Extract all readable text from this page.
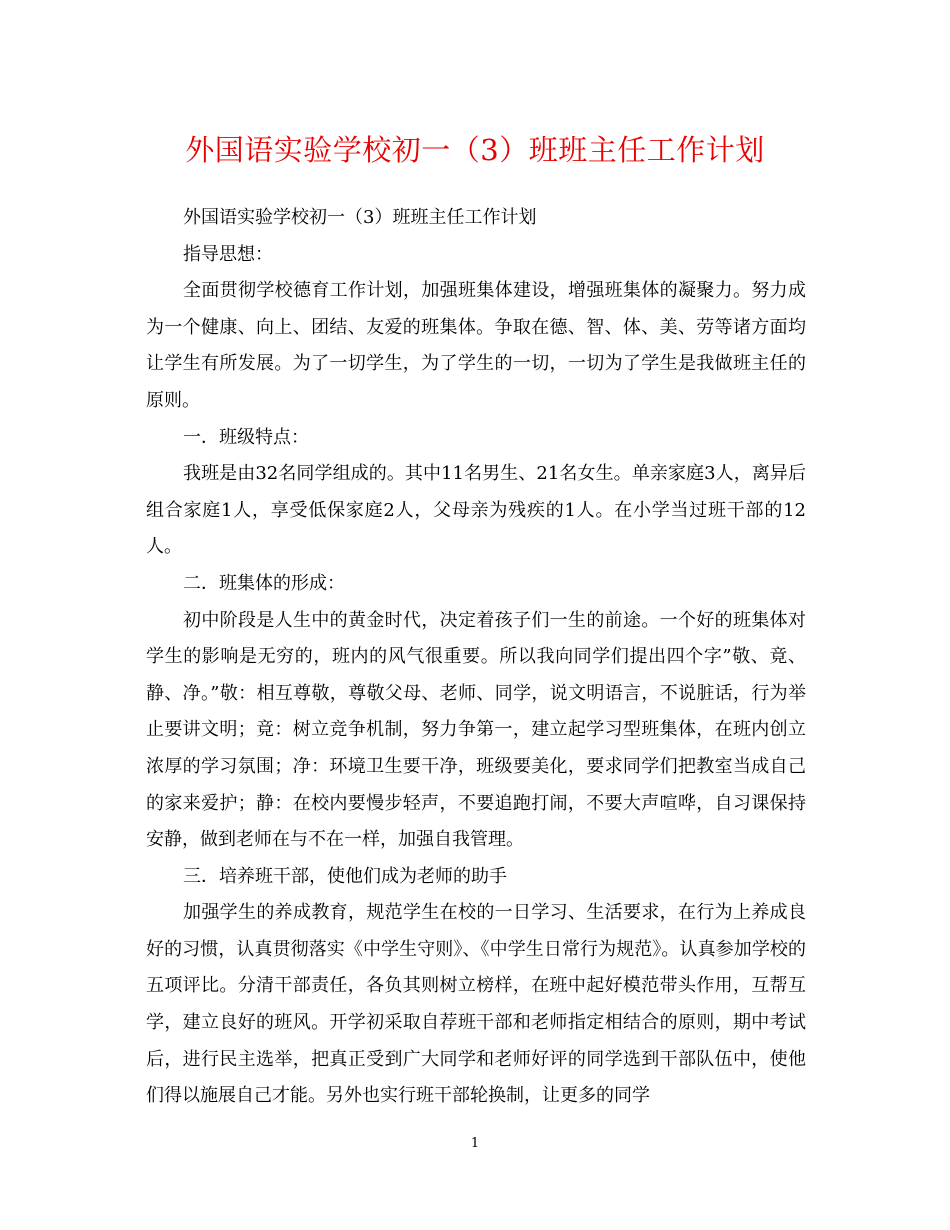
外国语实验学校初一（3）班班主任工作计划

外国语实验学校初一（3）班班主任工作计划

指导思想：

全面贯彻学校德育工作计划，加强班集体建设，增强班集体的凝聚力。努力成为一个健康、向上、团结、友爱的班集体。争取在德、智、体、美、劳等诸方面均让学生有所发展。为了一切学生，为了学生的一切，一切为了学生是我做班主任的原则。

一．班级特点：

我班是由32名同学组成的。其中11名男生、21名女生。单亲家庭3人，离异后组合家庭1人，享受低保家庭2人，父母亲为残疾的1人。在小学当过班干部的12人。

二．班集体的形成：

初中阶段是人生中的黄金时代，决定着孩子们一生的前途。一个好的班集体对学生的影响是无穷的，班内的风气很重要。所以我向同学们提出四个字”敬、竟、静、净。”敬：相互尊敬，尊敬父母、老师、同学，说文明语言，不说脏话，行为举止要讲文明；竟：树立竞争机制，努力争第一，建立起学习型班集体，在班内创立浓厚的学习氛围；净：环境卫生要干净，班级要美化，要求同学们把教室当成自己的家来爱护；静：在校内要慢步轻声，不要追跑打闹，不要大声喧哗，自习课保持安静，做到老师在与不在一样，加强自我管理。

三．培养班干部，使他们成为老师的助手

加强学生的养成教育，规范学生在校的一日学习、生活要求，在行为上养成良好的习惯，认真贯彻落实《中学生守则》、《中学生日常行为规范》。认真参加学校的五项评比。分清干部责任，各负其则树立榜样，在班中起好模范带头作用，互帮互学，建立良好的班风。开学初采取自荐班干部和老师指定相结合的原则，期中考试后，进行民主选举，把真正受到广大同学和老师好评的同学选到干部队伍中，使他们得以施展自己才能。另外也实行班干部轮换制，让更多的同学

1
